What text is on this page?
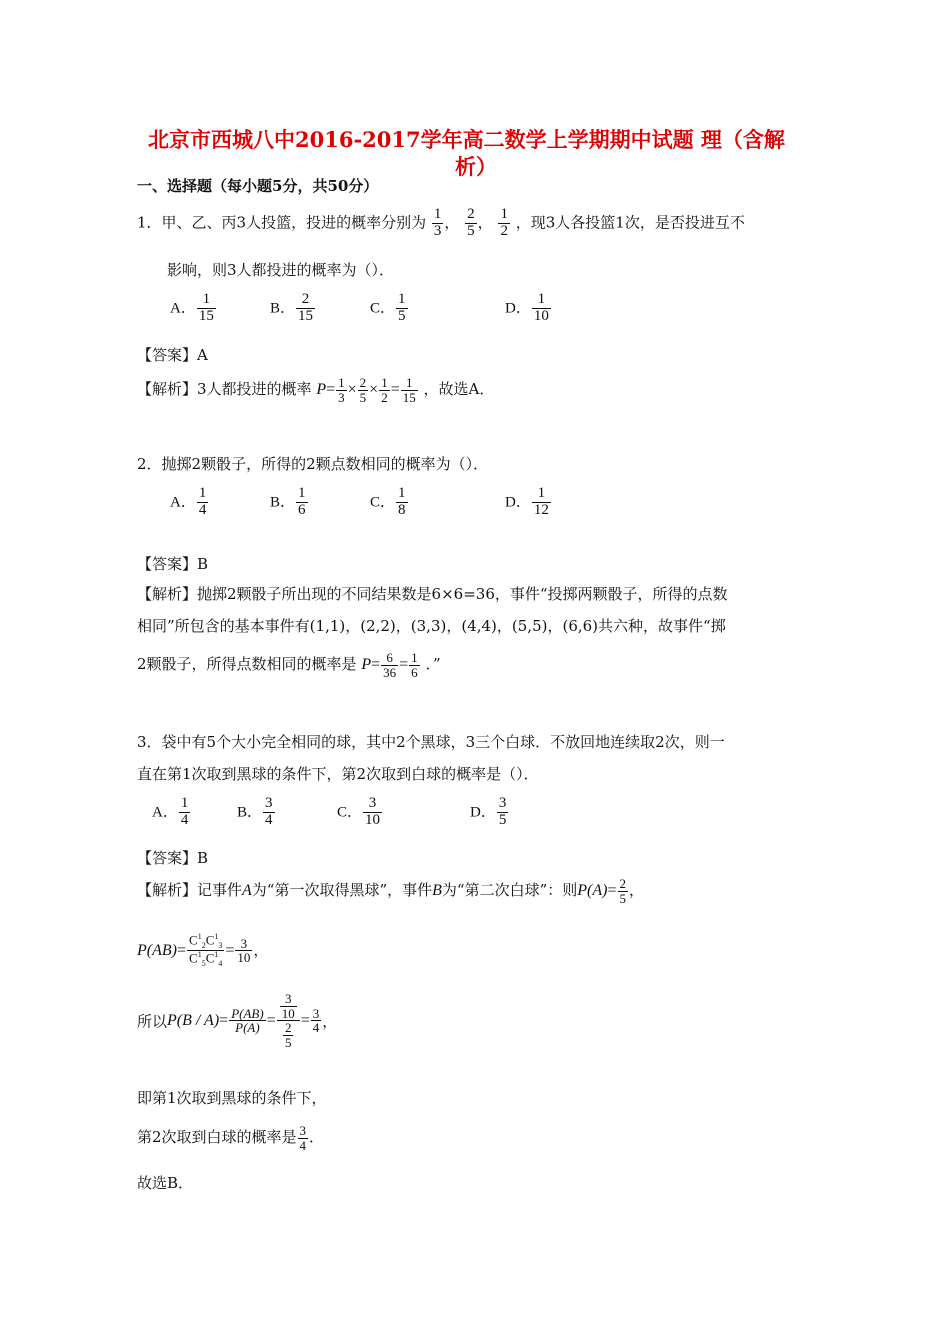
北京市西城八中2016-2017学年高二数学上学期期中试题 理（含解
析）
一、选择题（每小题5分，共50分）
1．甲、乙、丙3人投篮，投进的概率分别为 $\frac{1}{3}$ ， $\frac{2}{5}$ ， $\frac{1}{2}$ ，现3人各投篮1次，是否投进互不
影响，则3人都投进的概率为（）．
A． $\frac{1}{15}$	B． $\frac{2}{15}$	C． $\frac{1}{5}$	D． $\frac{1}{10}$
【答案】A
【解析】3人都投进的概率 $P= \frac{1}{3} \times \frac{2}{5} \times \frac{1}{2} = \frac{1}{15}$ ，故选A．
2．抛掷2颗骰子，所得的2颗点数相同的概率为（）．
A． $\frac{1}{4}$	B． $\frac{1}{6}$	C． $\frac{1}{8}$	D． $\frac{1}{12}$
【答案】B
【解析】抛掷2颗骰子所出现的不同结果数是6×6=36，事件“投掷两颗骰子，所得的点数
相同”所包含的基本事件有(1,1)，(2,2)，(3,3)，(4,4)，(5,5)，(6,6)共六种，故事件“掷
2颗骰子，所得点数相同的概率是 $P= \frac{6}{36} = \frac{1}{6}$ ．”
3．袋中有5个大小完全相同的球，其中2个黑球，3三个白球．不放回地连续取2次，则一
直在第1次取到黑球的条件下，第2次取到白球的概率是（）．
A． $\frac{1}{4}$	B． $\frac{3}{4}$	C． $\frac{3}{10}$	D． $\frac{3}{5}$
【答案】B
【解析】记事件A为“第一次取得黑球”，事件B为“第二次白球”：则$P(A)= \frac{2}{5}$ ，
$P(AB)= \frac{C^1_2C^1_3}{C^1_5C^1_4} = \frac{3}{10}$ ，
所以$P(B / A)= \frac{P(AB)}{P(A)} = \frac{\frac{3}{10}}{\frac{2}{5}} = \frac{3}{4}$ ，
即第1次取到黑球的条件下，
第2次取到白球的概率是 $\frac{3}{4}$ ．
故选B．
